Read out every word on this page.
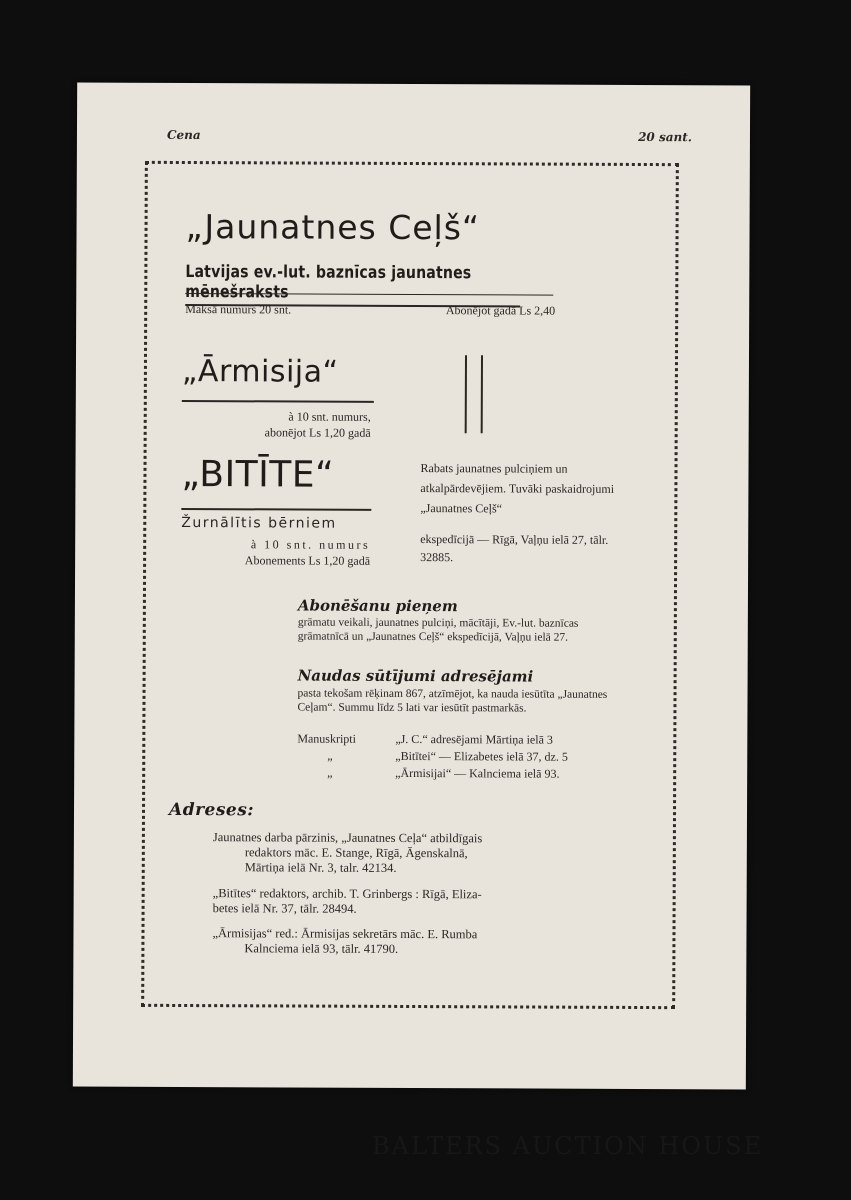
Cena	20 sant.
„Jaunatnes Ceļš“
Latvijas ev.-lut. baznīcas jaunatnes mēnešraksts
Maksā numurs 20 snt.	Abonējot gadā Ls 2,40
„Ārmisija“
à 10 snt. numurs,
abonējot Ls 1,20 gadā
„BITĪTE“
Žurnālītis bērniem
à 10 snt. numurs
Abonements Ls 1,20 gadā
Rabats jaunatnes pulciņiem un atkalpārdevējiem. Tuvāki paskaidrojumi „Jaunatnes Ceļš“
ekspedīcijā — Rīgā, Vaļņu ielā 27, tālr. 32885.
Abonēšanu pieņem
grāmatu veikali, jaunatnes pulciņi, mācītāji, Ev.-lut. baznīcas grāmatnīcā un „Jaunatnes Ceļš“ ekspedīcijā, Vaļņu ielā 27.
Naudas sūtījumi adresējami
pasta tekošam rēķinam 867, atzīmējot, ka nauda iesūtīta „Jaunatnes Ceļam“. Summu līdz 5 lati var iesūtīt pastmarkās.
Manuskripti	„J. C.“ adresējami Mārtiņa ielā 3
„	„Bitītei“ — Elizabetes ielā 37, dz. 5
„	„Ārmisijai“ — Kalnciema ielā 93.
Adreses:
Jaunatnes darba pārzinis, „Jaunatnes Ceļa“ atbildīgais
redaktors māc. E. Stange, Rīgā, Āgenskalnā,
Mārtiņa ielā Nr. 3, talr. 42134.
„Bitītes“ redaktors, archib. T. Grinbergs : Rīgā, Eliza-
betes ielā Nr. 37, tālr. 28494.
„Ārmisijas“ red.: Ārmisijas sekretārs māc. E. Rumba
Kalnciema ielā 93, tālr. 41790.
BALTERS AUCTION HOUSE
